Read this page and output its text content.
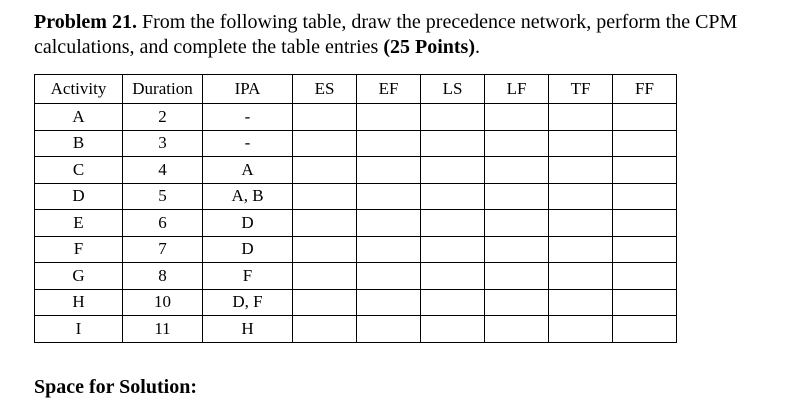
Problem 21. From the following table, draw the precedence network, perform the CPM calculations, and complete the table entries (25 Points).
Activity	Duration	IPA	ES	EF	LS	LF	TF	FF
A	2	-						
B	3	-						
C	4	A						
D	5	A, B						
E	6	D						
F	7	D						
G	8	F						
H	10	D, F						
I	11	H						
Space for Solution:
